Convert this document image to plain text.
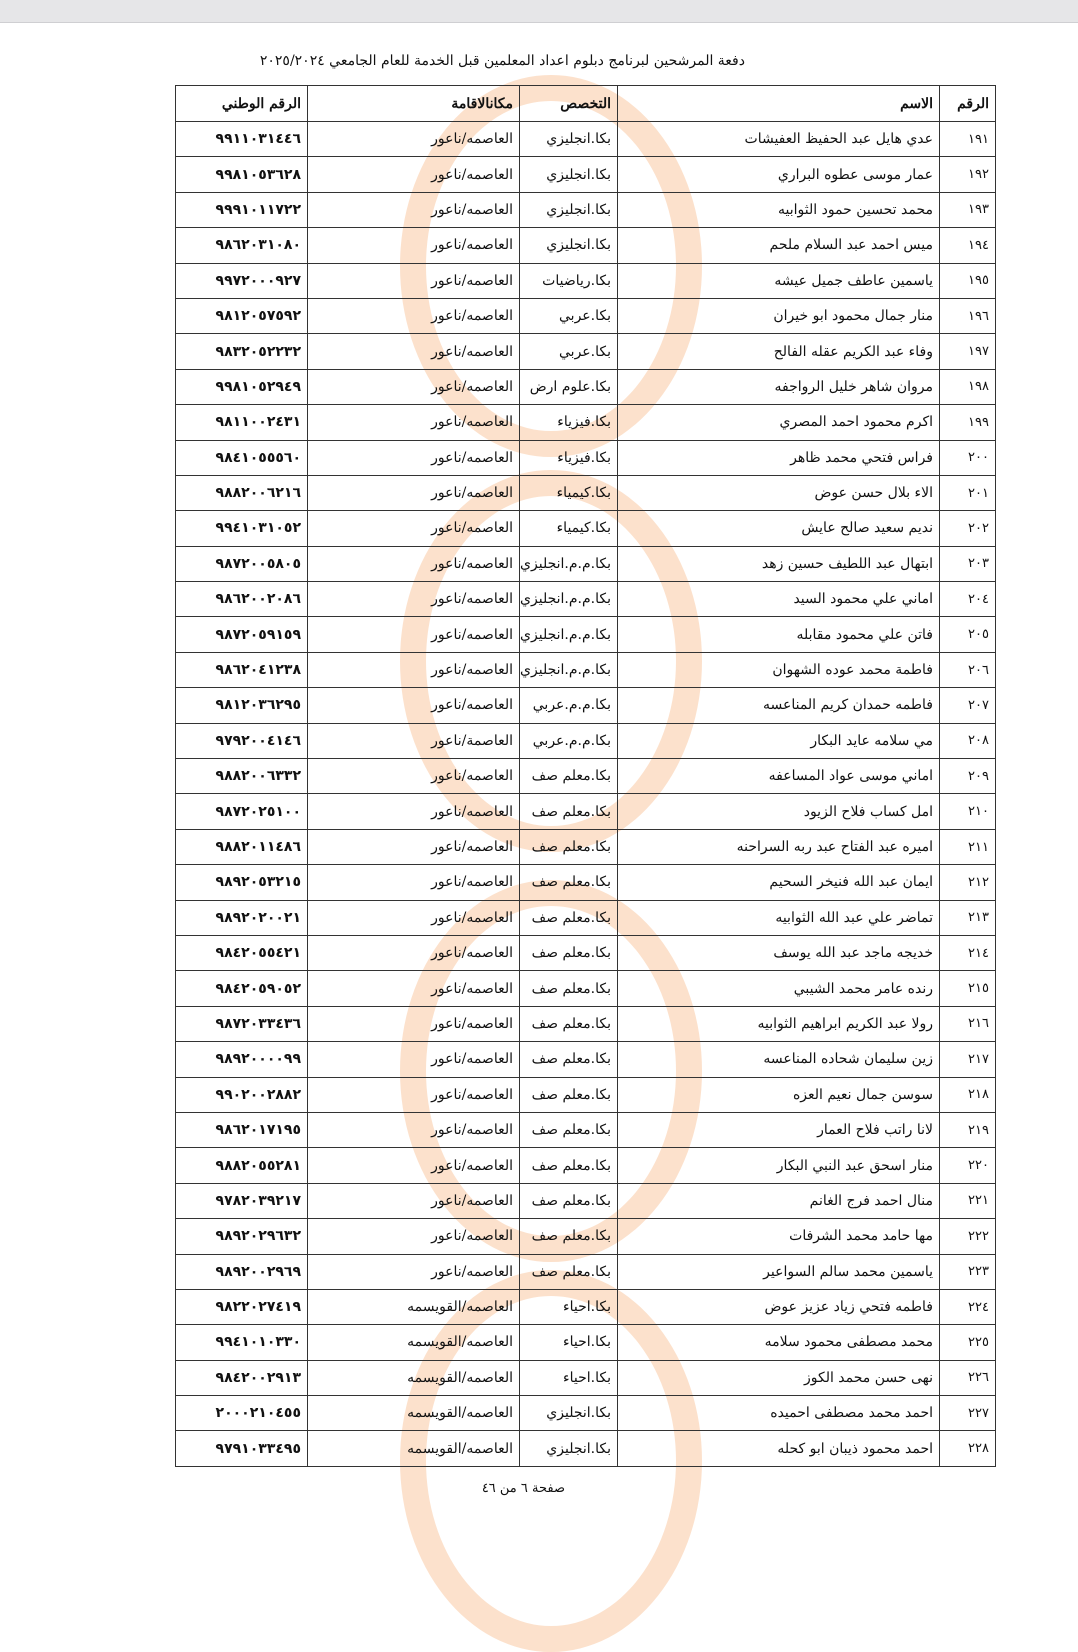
دفعة المرشحين لبرنامج دبلوم اعداد المعلمين قبل الخدمة للعام الجامعي ٢٠٢٥/٢٠٢٤
الرقم	الاسم	التخصص	مكانالاقامة	الرقم الوطني
١٩١	عدي هايل عبد الحفيظ العفيشات	بكا.انجليزي	العاصمه/ناعور	٩٩١١٠٣١٤٤٦
١٩٢	عمار موسى عطوه البراري	بكا.انجليزي	العاصمه/ناعور	٩٩٨١٠٥٣٦٢٨
١٩٣	محمد تحسين حمود الثوابيه	بكا.انجليزي	العاصمه/ناعور	٩٩٩١٠١١٧٢٢
١٩٤	ميس احمد عبد السلام ملحم	بكا.انجليزي	العاصمه/ناعور	٩٨٦٢٠٣١٠٨٠
١٩٥	ياسمين عاطف جميل عيشه	بكا.رياضيات	العاصمه/ناعور	٩٩٧٢٠٠٠٩٢٧
١٩٦	منار جمال محمود ابو خيران	بكا.عربي	العاصمه/ناعور	٩٨١٢٠٥٧٥٩٢
١٩٧	وفاء عبد الكريم عقله الفالح	بكا.عربي	العاصمه/ناعور	٩٨٣٢٠٥٢٢٣٢
١٩٨	مروان شاهر خليل الرواجفه	بكا.علوم ارض	العاصمه/ناعور	٩٩٨١٠٥٢٩٤٩
١٩٩	اكرم محمود احمد المصري	بكا.فيزياء	العاصمه/ناعور	٩٨١١٠٠٢٤٣١
٢٠٠	فراس فتحي محمد ظاهر	بكا.فيزياء	العاصمه/ناعور	٩٨٤١٠٥٥٥٦٠
٢٠١	الاء بلال حسن عوض	بكا.كيمياء	العاصمه/ناعور	٩٨٨٢٠٠٦٢١٦
٢٠٢	نديم سعيد صالح عايش	بكا.كيمياء	العاصمه/ناعور	٩٩٤١٠٣١٠٥٢
٢٠٣	ابتهال عبد اللطيف حسين زهد	بكا.م.م.انجليزي	العاصمه/ناعور	٩٨٧٢٠٠٥٨٠٥
٢٠٤	اماني علي محمود السيد	بكا.م.م.انجليزي	العاصمه/ناعور	٩٨٦٢٠٠٢٠٨٦
٢٠٥	فاتن علي محمود مقابله	بكا.م.م.انجليزي	العاصمه/ناعور	٩٨٧٢٠٥٩١٥٩
٢٠٦	فاطمة محمد عوده الشهوان	بكا.م.م.انجليزي	العاصمه/ناعور	٩٨٦٢٠٤١٢٣٨
٢٠٧	فاطمه حمدان كريم المناعسه	بكا.م.م.عربي	العاصمه/ناعور	٩٨١٢٠٣٦٢٩٥
٢٠٨	مي سلامه عايد البكار	بكا.م.م.عربي	العاصمة/ناعور	٩٧٩٢٠٠٤١٤٦
٢٠٩	اماني موسى عواد المساعفه	بكا.معلم صف	العاصمه/ناعور	٩٨٨٢٠٠٦٣٣٢
٢١٠	امل كساب فلاح الزيود	بكا.معلم صف	العاصمه/ناعور	٩٨٧٢٠٢٥١٠٠
٢١١	اميره عبد الفتاح عبد ربه السراحنه	بكا.معلم صف	العاصمه/ناعور	٩٨٨٢٠١١٤٨٦
٢١٢	ايمان عبد الله فنيخر السحيم	بكا.معلم صف	العاصمه/ناعور	٩٨٩٢٠٥٣٢١٥
٢١٣	تماضر علي عبد الله الثوابيه	بكا.معلم صف	العاصمه/ناعور	٩٨٩٢٠٢٠٠٢١
٢١٤	خديجه ماجد عبد الله يوسف	بكا.معلم صف	العاصمه/ناعور	٩٨٤٢٠٥٥٤٢١
٢١٥	رنده عامر محمد الشيبي	بكا.معلم صف	العاصمه/ناعور	٩٨٤٢٠٥٩٠٥٢
٢١٦	رولا عبد الكريم ابراهيم الثوابيه	بكا.معلم صف	العاصمه/ناعور	٩٨٧٢٠٣٣٤٣٦
٢١٧	زين سليمان شحاده المناعسه	بكا.معلم صف	العاصمه/ناعور	٩٨٩٢٠٠٠٠٩٩
٢١٨	سوسن جمال نعيم العزه	بكا.معلم صف	العاصمه/ناعور	٩٩٠٢٠٠٢٨٨٢
٢١٩	لانا راتب فلاح العمار	بكا.معلم صف	العاصمه/ناعور	٩٨٦٢٠١٧١٩٥
٢٢٠	منار اسحق عبد النبي البكار	بكا.معلم صف	العاصمه/ناعور	٩٨٨٢٠٥٥٢٨١
٢٢١	منال احمد فرج الغانم	بكا.معلم صف	العاصمه/ناعور	٩٧٨٢٠٣٩٢١٧
٢٢٢	مها حامد محمد الشرفات	بكا.معلم صف	العاصمه/ناعور	٩٨٩٢٠٢٩٦٣٢
٢٢٣	ياسمين محمد سالم السواعير	بكا.معلم صف	العاصمه/ناعور	٩٨٩٢٠٠٢٩٦٩
٢٢٤	فاطمه فتحي زياد عزيز عوض	بكا.احياء	العاصمه/القويسمه	٩٨٢٢٠٢٧٤١٩
٢٢٥	محمد مصطفى محمود سلامه	بكا.احياء	العاصمه/القويسمه	٩٩٤١٠١٠٣٣٠
٢٢٦	نهى حسن محمد الكوز	بكا.احياء	العاصمه/القويسمه	٩٨٤٢٠٠٢٩١٣
٢٢٧	احمد محمد مصطفى احميده	بكا.انجليزي	العاصمه/القويسمه	٢٠٠٠٢١٠٤٥٥
٢٢٨	احمد محمود ذيبان ابو كحله	بكا.انجليزي	العاصمه/القويسمه	٩٧٩١٠٣٣٤٩٥
صفحة ٦ من ٤٦
